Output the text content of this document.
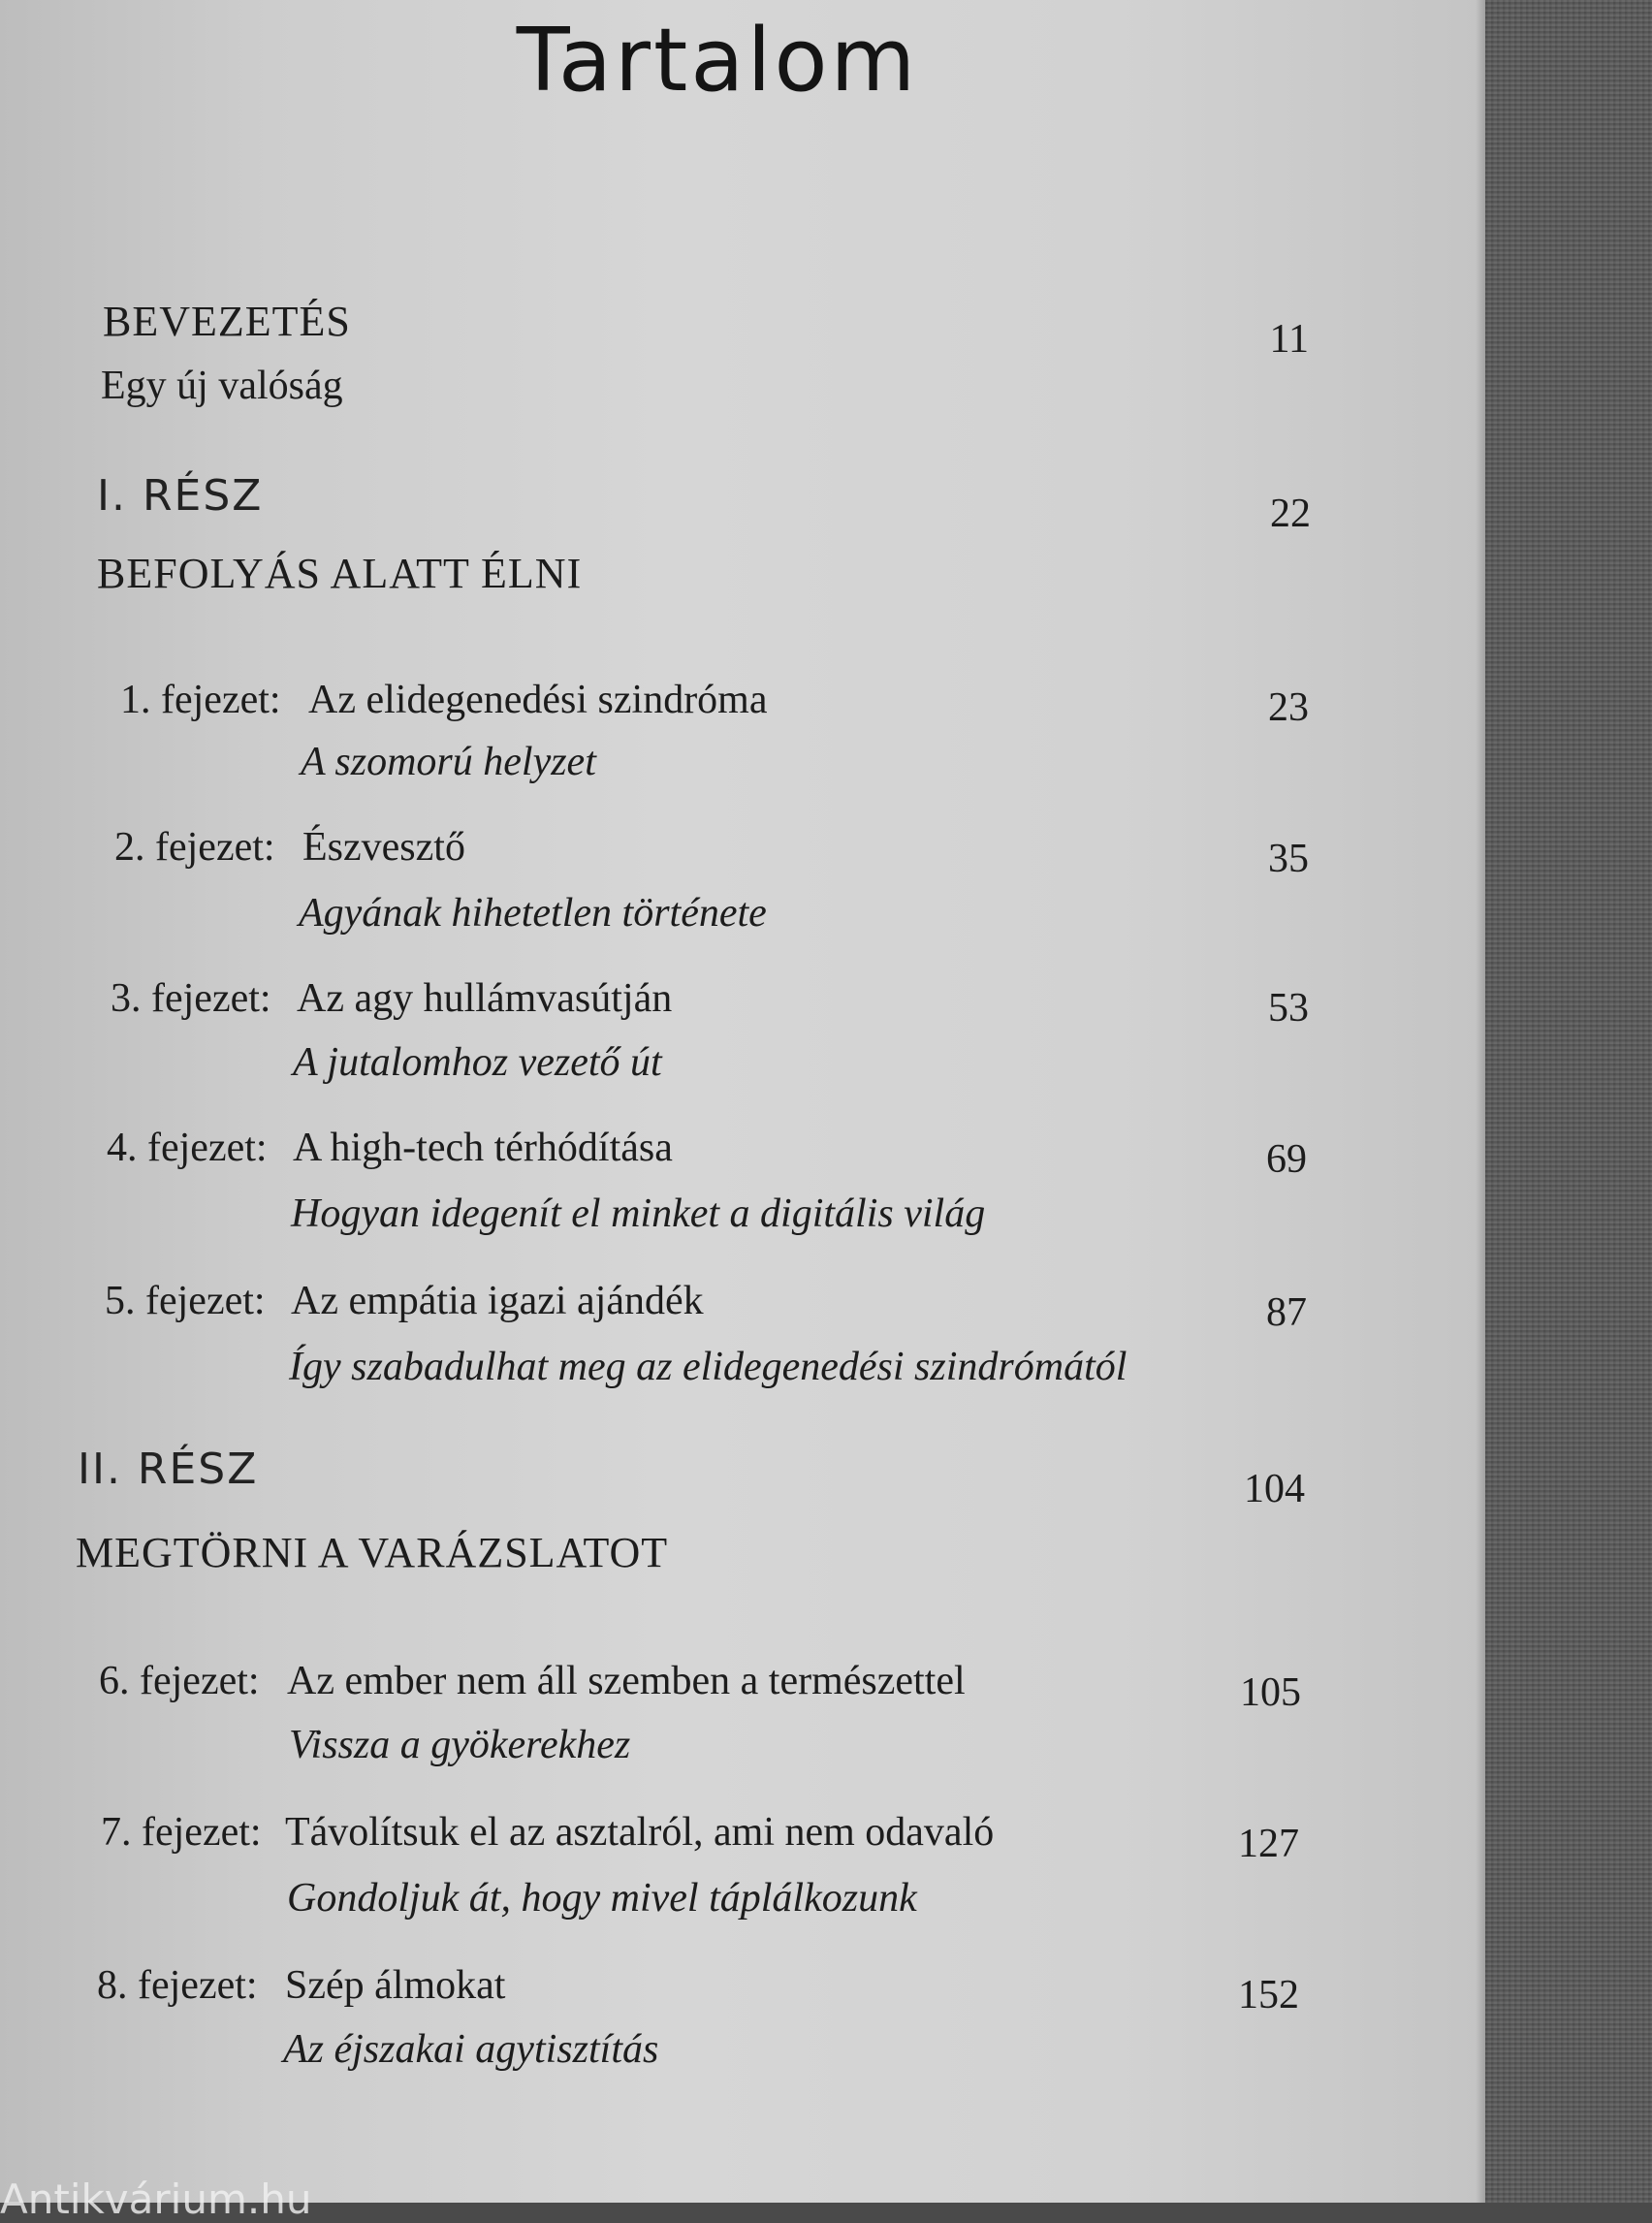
Tartalom
BEVEZETÉS
Egy új valóság
11
I. RÉSZ
BEFOLYÁS ALATT ÉLNI
22
1. fejezet: Az elidegenedési szindróma
A szomorú helyzet
23
2. fejezet: Észvesztő
Agyának hihetetlen története
35
3. fejezet: Az agy hullámvasútján
A jutalomhoz vezető út
53
4. fejezet: A high-tech térhódítása
Hogyan idegenít el minket a digitális világ
69
5. fejezet: Az empátia igazi ajándék
Így szabadulhat meg az elidegenedési szindrómától
87
II. RÉSZ
MEGTÖRNI A VARÁZSLATOT
104
6. fejezet: Az ember nem áll szemben a természettel
Vissza a gyökerekhez
105
7. fejezet: Távolítsuk el az asztalról, ami nem odavaló
Gondoljuk át, hogy mivel táplálkozunk
127
8. fejezet: Szép álmokat
Az éjszakai agytisztítás
152
Antikvárium.hu
